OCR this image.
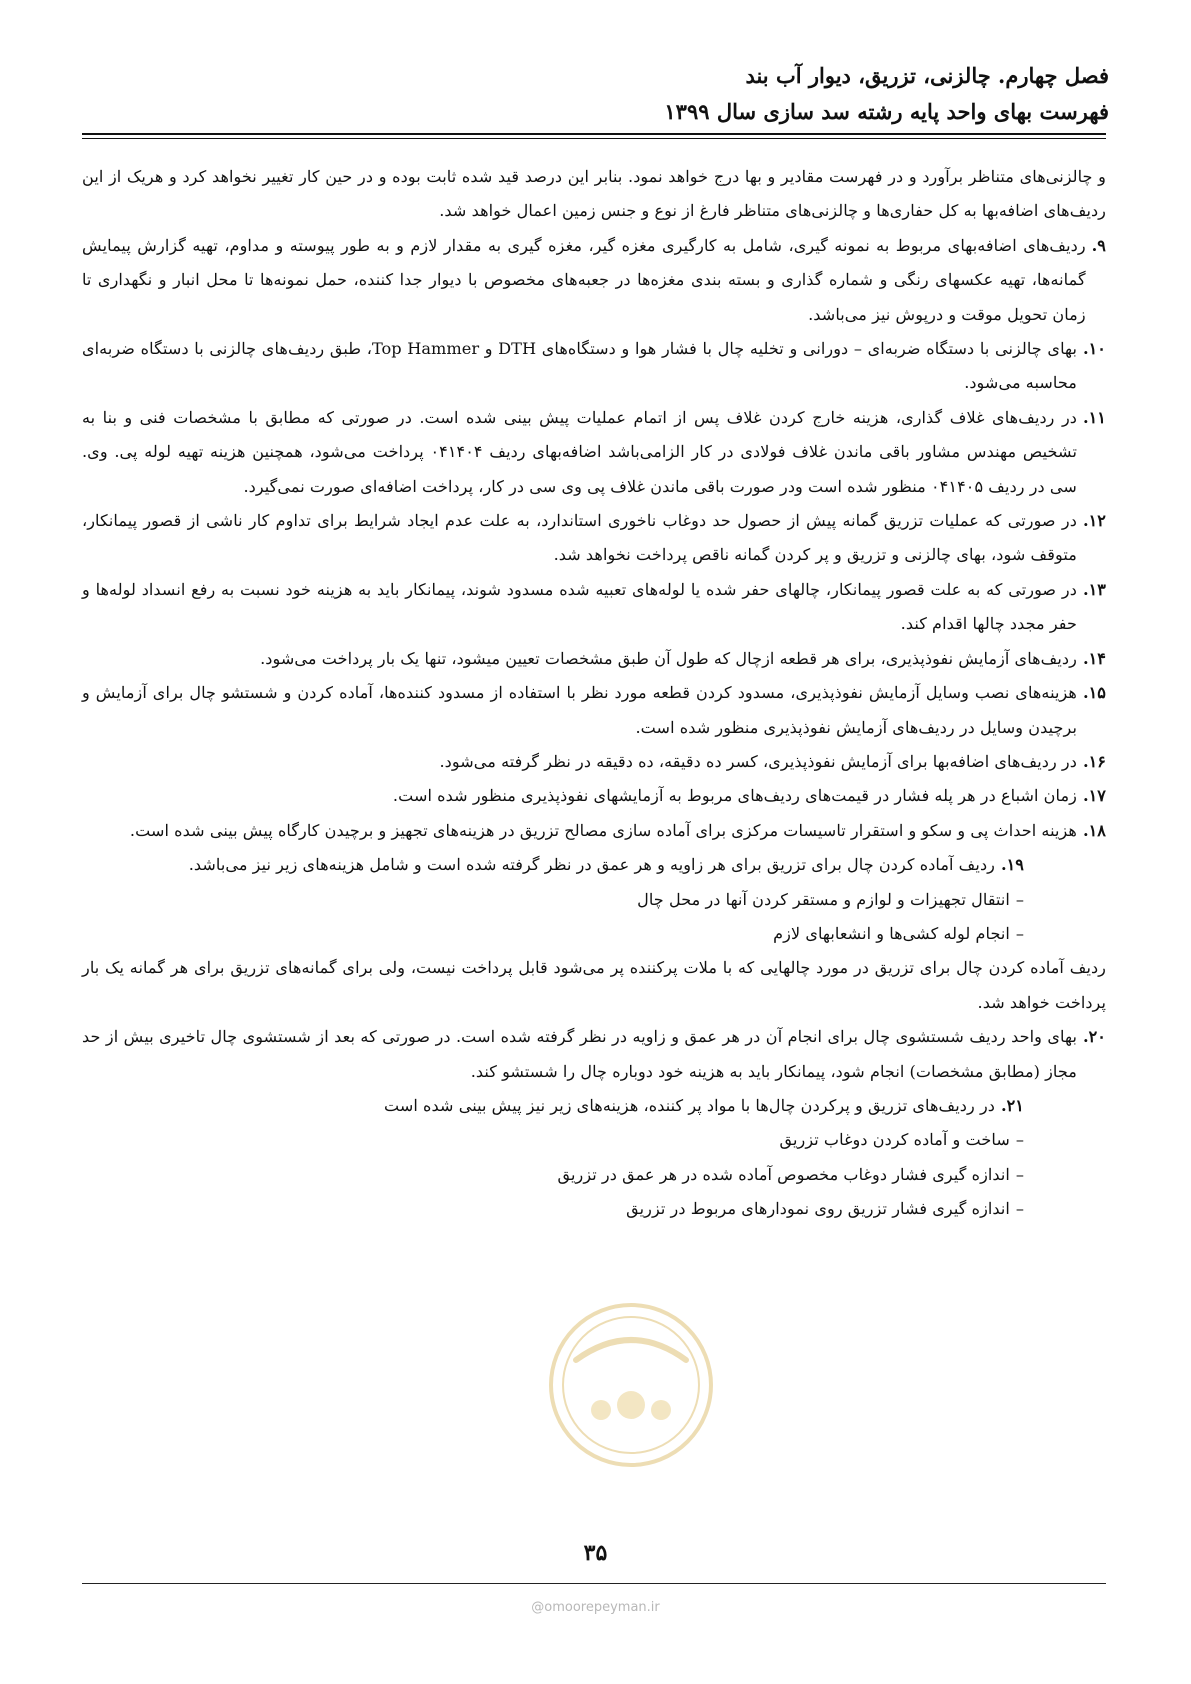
فصل چهارم. چالزنی، تزریق، دیوار آب بند
فهرست بهای واحد پایه رشته سد سازی سال ۱۳۹۹

و چالزنی‌های متناظر برآورد و در فهرست مقادیر و بها درج خواهد نمود. بنابر این درصد قید شده ثابت بوده و در حین کار تغییر نخواهد کرد و هریک از این ردیف‌های اضافه‌بها به کل حفاری‌ها و چالزنی‌های متناظر فارغ از نوع و جنس زمین اعمال خواهد شد.

۹.
ردیف‌های اضافه‌بهای مربوط به نمونه گیری، شامل به کارگیری مغزه گیر، مغزه گیری به مقدار لازم و به طور پیوسته و مداوم، تهیه گزارش پیمایش گمانه‌ها، تهیه عکسهای رنگی و شماره گذاری و بسته بندی مغزه‌ها در جعبه‌های مخصوص با دیوار جدا کننده، حمل نمونه‌ها تا محل انبار و نگهداری تا زمان تحویل موقت و درپوش نیز می‌باشد.
۱۰.
بهای چالزنی با دستگاه ضربه‌ای – دورانی و تخلیه چال با فشار هوا و دستگاه‌های DTH و Top Hammer، طبق ردیف‌های چالزنی با دستگاه ضربه‌ای محاسبه می‌شود.
۱۱.
در ردیف‌های غلاف گذاری، هزینه خارج کردن غلاف پس از اتمام عملیات پیش بینی شده است. در صورتی که مطابق با مشخصات فنی و بنا به تشخیص مهندس مشاور باقی ماندن غلاف فولادی در کار الزامی‌باشد اضافه‌بهای ردیف ۰۴۱۴۰۴ پرداخت می‌شود، همچنین هزینه تهیه لوله پی. وی. سی در ردیف ۰۴۱۴۰۵ منظور شده است ودر صورت باقی ماندن غلاف پی وی سی در کار، پرداخت اضافه‌ای صورت نمی‌گیرد.
۱۲.
در صورتی که عملیات تزریق گمانه پیش از حصول حد دوغاب ناخوری استاندارد، به علت عدم ایجاد شرایط برای تداوم کار ناشی از قصور پیمانکار، متوقف شود، بهای چالزنی و تزریق و پر کردن گمانه ناقص پرداخت نخواهد شد.
۱۳.
در صورتی که به علت قصور پیمانکار، چالهای حفر شده یا لوله‌های تعبیه شده مسدود شوند، پیمانکار باید به هزینه خود نسبت به رفع انسداد لوله‌ها و حفر مجدد چالها اقدام کند.
۱۴.
ردیف‌های آزمایش نفوذپذیری، برای هر قطعه ازچال که طول آن طبق مشخصات تعیین میشود، تنها یک بار پرداخت می‌شود.
۱۵.
هزینه‌های نصب وسایل آزمایش نفوذپذیری، مسدود کردن قطعه مورد نظر با استفاده از مسدود کننده‌ها، آماده کردن و شستشو چال برای آزمایش و برچیدن وسایل در ردیف‌های آزمایش نفوذپذیری منظور شده است.
۱۶.
در ردیف‌های اضافه‌بها برای آزمایش نفوذپذیری، کسر ده دقیقه، ده دقیقه در نظر گرفته می‌شود.
۱۷.
زمان اشباع در هر پله فشار در قیمت‌های ردیف‌های مربوط به آزمایشهای نفوذپذیری منظور شده است.
۱۸.
هزینه احداث پی و سکو و استقرار تاسیسات مرکزی برای آماده سازی مصالح تزریق در هزینه‌های تجهیز و برچیدن کارگاه پیش بینی شده است.
۱۹.
ردیف آماده کردن چال برای تزریق برای هر زاویه و هر عمق در نظر گرفته شده است و شامل هزینه‌های زیر نیز می‌باشد.
–
انتقال تجهیزات و لوازم و مستقر کردن آنها در محل چال
–
انجام لوله کشی‌ها و انشعابهای لازم

ردیف آماده کردن چال برای تزریق در مورد چالهایی که با ملات پرکننده پر می‌شود قابل پرداخت نیست، ولی برای گمانه‌های تزریق برای هر گمانه یک بار پرداخت خواهد شد.

۲۰.
بهای واحد ردیف شستشوی چال برای انجام آن در هر عمق و زاویه در نظر گرفته شده است. در صورتی که بعد از شستشوی چال تاخیری بیش از حد مجاز (مطابق مشخصات) انجام شود، پیمانکار باید به هزینه خود دوباره چال را شستشو کند.
۲۱.
در ردیف‌های تزریق و پرکردن چال‌ها با مواد پر کننده، هزینه‌های زیر نیز پیش بینی شده است
–
ساخت و آماده کردن دوغاب تزریق
–
اندازه گیری فشار دوغاب مخصوص آماده شده در هر عمق در تزریق
–
اندازه گیری فشار تزریق روی نمودارهای مربوط در تزریق
۳۵
@omoorepeyman.ir
